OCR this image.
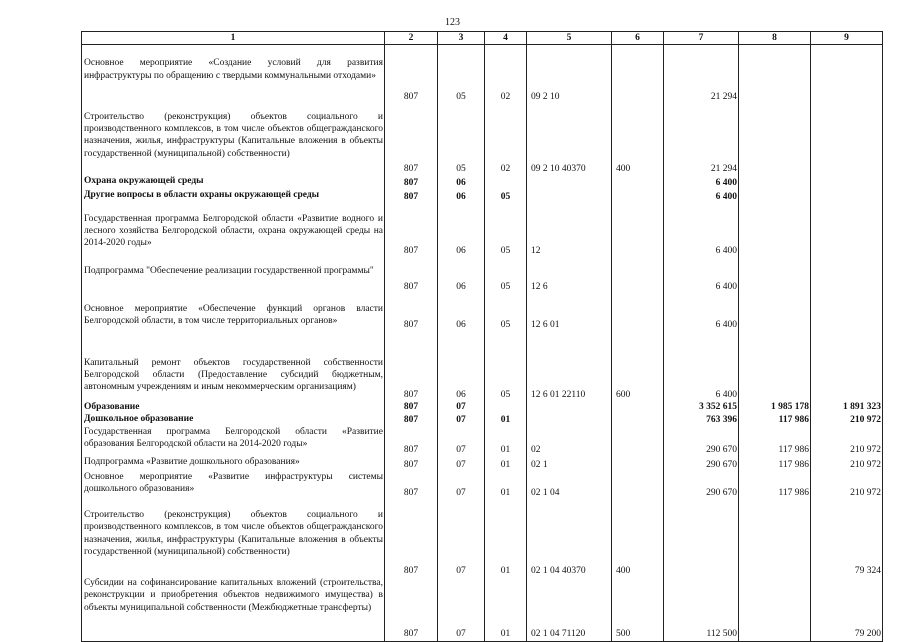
123
1	2	3	4	5	6	7	8	9
Основное мероприятие «Создание условий для развития инфраструктуры по обращению с твердыми коммунальными отходами»	807	05	02	09 2 10		21 294		
Строительство (реконструкция) объектов социального и производственного комплексов, в том числе объектов общегражданского назначения, жилья, инфраструктуры (Капитальные вложения в объекты государственной (муниципальной) собственности)	807	05	02	09 2 10 40370	400	21 294		
Охрана окружающей среды	807	06				6 400		
Другие вопросы в области охраны окружающей среды	807	06	05			6 400		
Государственная программа Белгородской области «Развитие водного и лесного хозяйства Белгородской области, охрана окружающей среды на 2014-2020 годы»	807	06	05	12		6 400		
Подпрограмма "Обеспечение реализации государственной программы"	807	06	05	12 6		6 400		
Основное мероприятие «Обеспечение функций органов власти Белгородской области, в том числе территориальных органов»	807	06	05	12 6 01		6 400		
Капитальный ремонт объектов государственной собственности Белгородской области (Предоставление субсидий бюджетным, автономным учреждениям и иным некоммерческим организациям)	807	06	05	12 6 01 22110	600	6 400		
Образование	807	07				3 352 615	1 985 178	1 891 323
Дошкольное образование	807	07	01			763 396	117 986	210 972
Государственная программа Белгородской области «Развитие образования Белгородской области на 2014-2020 годы»	807	07	01	02		290 670	117 986	210 972
Подпрограмма «Развитие дошкольного образования»	807	07	01	02 1		290 670	117 986	210 972
Основное мероприятие «Развитие инфраструктуры системы дошкольного образования»	807	07	01	02 1 04		290 670	117 986	210 972
Строительство (реконструкция) объектов социального и производственного комплексов, в том числе объектов общегражданского назначения, жилья, инфраструктуры (Капитальные вложения в объекты государственной (муниципальной) собственности)	807	07	01	02 1 04 40370	400			79 324
Субсидии на софинансирование капитальных вложений (строительства, реконструкции и приобретения объектов недвижимого имущества) в объекты муниципальной собственности (Межбюджетные трансферты)	807	07	01	02 1 04 71120	500	112 500		79 200
